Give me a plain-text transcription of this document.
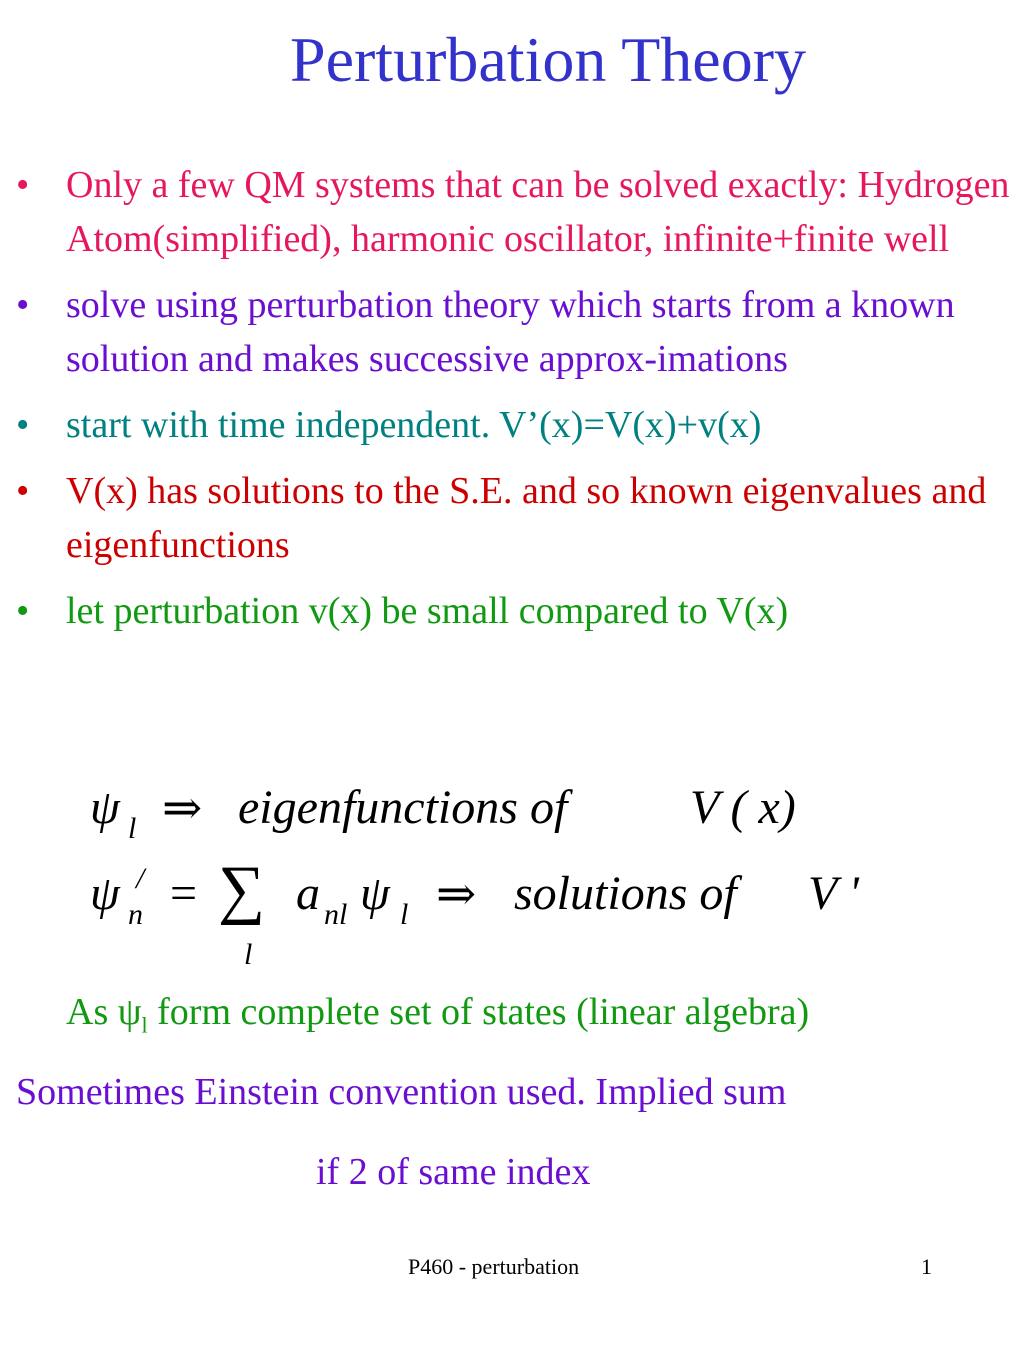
Perturbation Theory
• Only a few QM systems that can be solved exactly: Hydrogen Atom(simplified), harmonic oscillator, infinite+finite well
• solve using perturbation theory which starts from a known solution and makes successive approx-imations
• start with time independent. V’(x)=V(x)+v(x)
• V(x) has solutions to the S.E. and so known eigenvalues and eigenfunctions
• let perturbation v(x) be small compared to V(x)
ψ l ⇒ eigenfunctions of	V ( x)
ψ /
n = ∑
l
a nl ψ l ⇒ solutions of V '
As $\psi_l$ form complete set of states (linear algebra)
Sometimes Einstein convention used. Implied sum
if 2 of same index
P460 - perturbation	1
